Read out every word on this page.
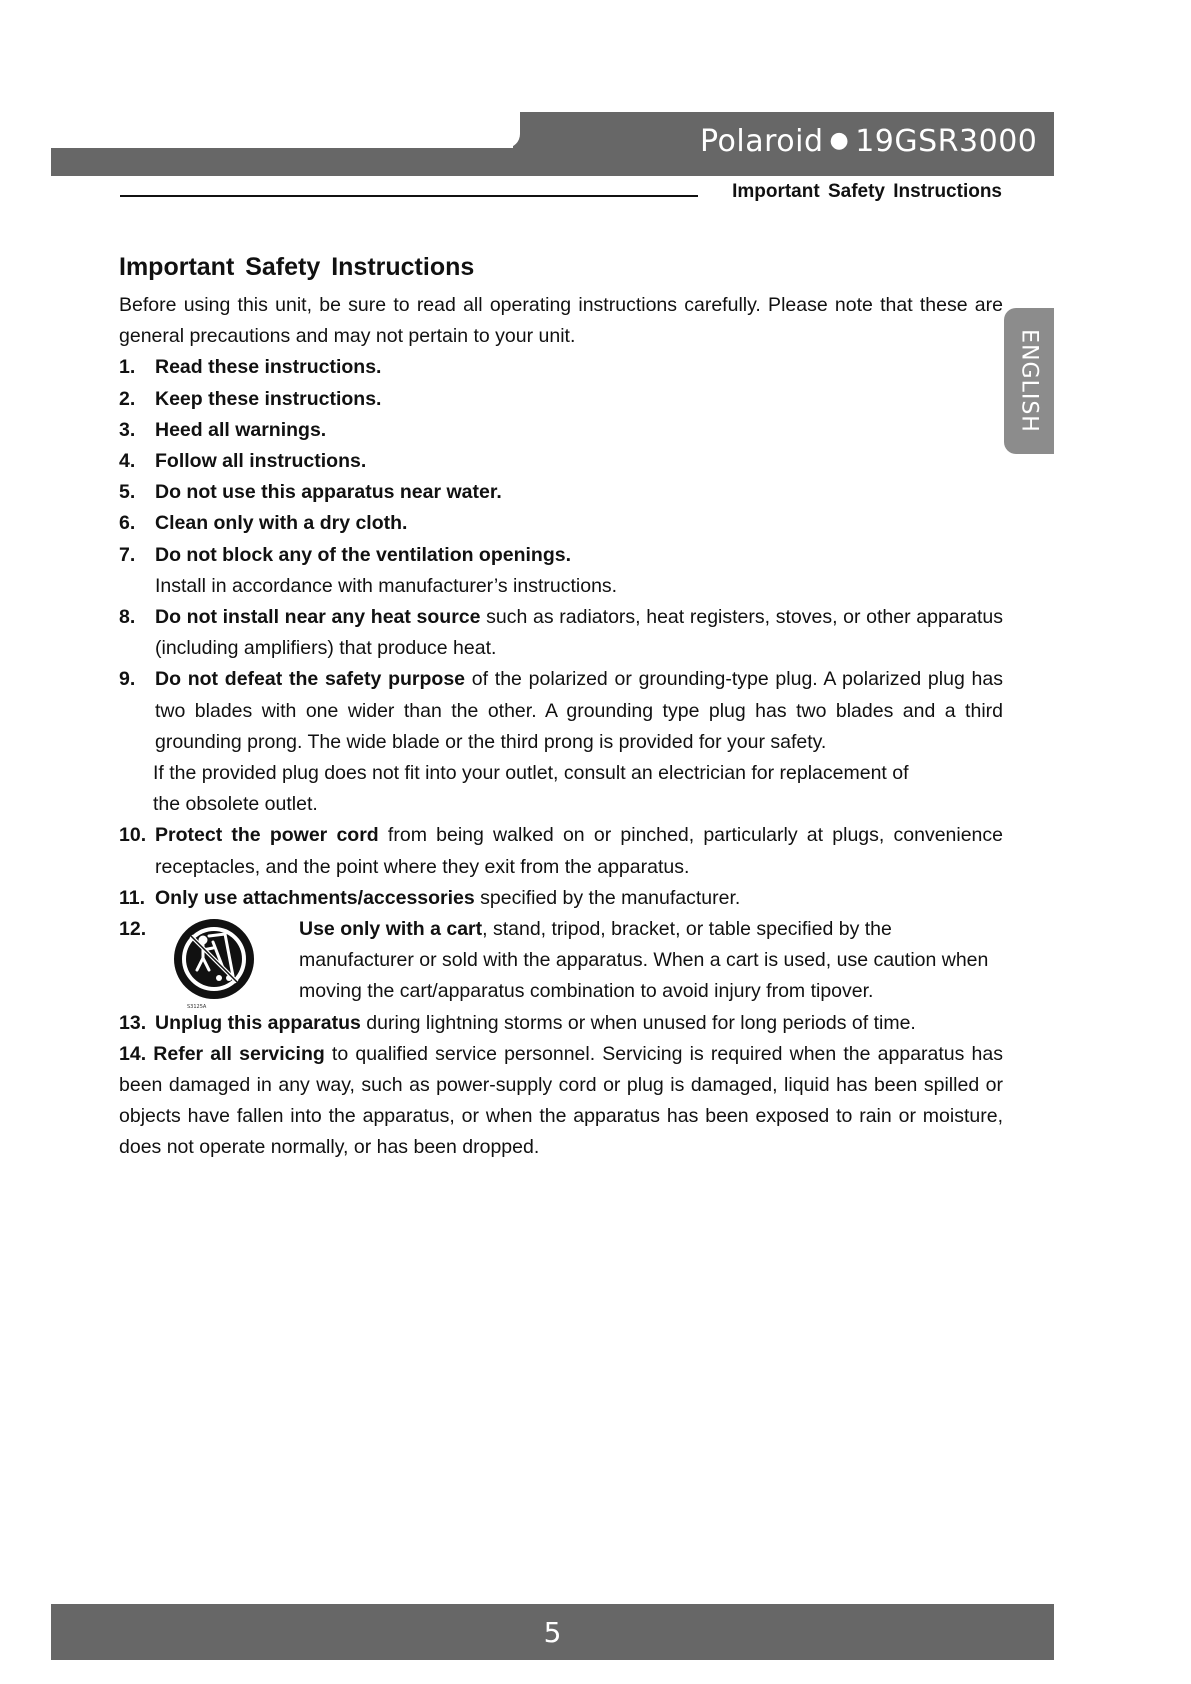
Polaroid ● 19GSR3000
Important Safety Instructions
ENGLISH
Important Safety Instructions

Before using this unit, be sure to read all operating instructions carefully. Please note that these are general precautions and may not pertain to your unit.

1. Read these instructions.

2. Keep these instructions.

3. Heed all warnings.

4. Follow all instructions.

5. Do not use this apparatus near water.

6. Clean only with a dry cloth.

7. Do not block any of the ventilation openings.

Install in accordance with manufacturer’s instructions.

8. Do not install near any heat source such as radiators, heat registers, stoves, or other apparatus (including amplifiers) that produce heat.

9. Do not defeat the safety purpose of the polarized or grounding-type plug. A polarized plug has two blades with one wider than the other. A grounding type plug has two blades and a third grounding prong. The wide blade or the third prong is provided for your safety.

If the provided plug does not fit into your outlet, consult an electrician for replacement of

the obsolete outlet.

10. Protect the power cord from being walked on or pinched, particularly at plugs, convenience receptacles, and the point where they exit from the apparatus.

11. Only use attachments/accessories specified by the manufacturer.

12.
S3125A
Use only with a cart, stand, tripod, bracket, or table specified by the manufacturer or sold with the apparatus. When a cart is used, use caution when moving the cart/apparatus combination to avoid injury from tipover.

13. Unplug this apparatus during lightning storms or when unused for long periods of time.

14. Refer all servicing to qualified service personnel. Servicing is required when the apparatus has been damaged in any way, such as power-supply cord or plug is damaged, liquid has been spilled or objects have fallen into the apparatus, or when the apparatus has been exposed to rain or moisture, does not operate normally, or has been dropped.

5
